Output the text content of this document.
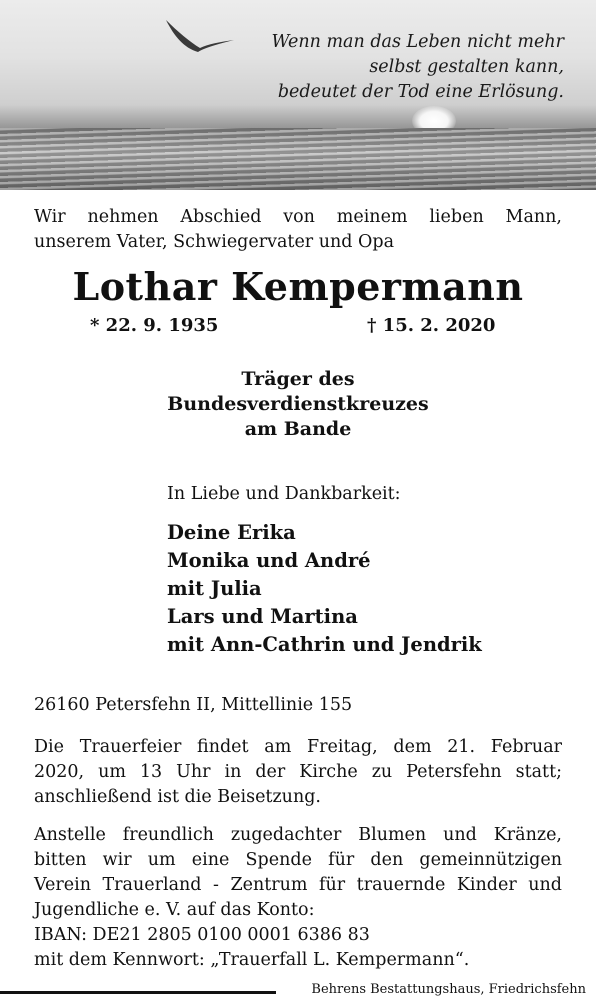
Wenn man das Leben nicht mehr
selbst gestalten kann,
bedeutet der Tod eine Erlösung.
Wir nehmen Abschied von meinem lieben Mann,
unserem Vater, Schwiegervater und Opa
Lothar Kempermann
* 22. 9. 1935	† 15. 2. 2020
Träger des
Bundesverdienstkreuzes
am Bande
In Liebe und Dankbarkeit:
Deine Erika
Monika und André
mit Julia
Lars und Martina
mit Ann-Cathrin und Jendrik
26160 Petersfehn II, Mittellinie 155
Die Trauerfeier findet am Freitag, dem 21. Februar
2020, um 13 Uhr in der Kirche zu Petersfehn statt;
anschließend ist die Beisetzung.
Anstelle freundlich zugedachter Blumen und Kränze,
bitten wir um eine Spende für den gemeinnützigen
Verein Trauerland - Zentrum für trauernde Kinder und
Jugendliche e. V. auf das Konto:
IBAN: DE21 2805 0100 0001 6386 83
mit dem Kennwort: „Trauerfall L. Kempermann“.
Behrens Bestattungshaus, Friedrichsfehn
